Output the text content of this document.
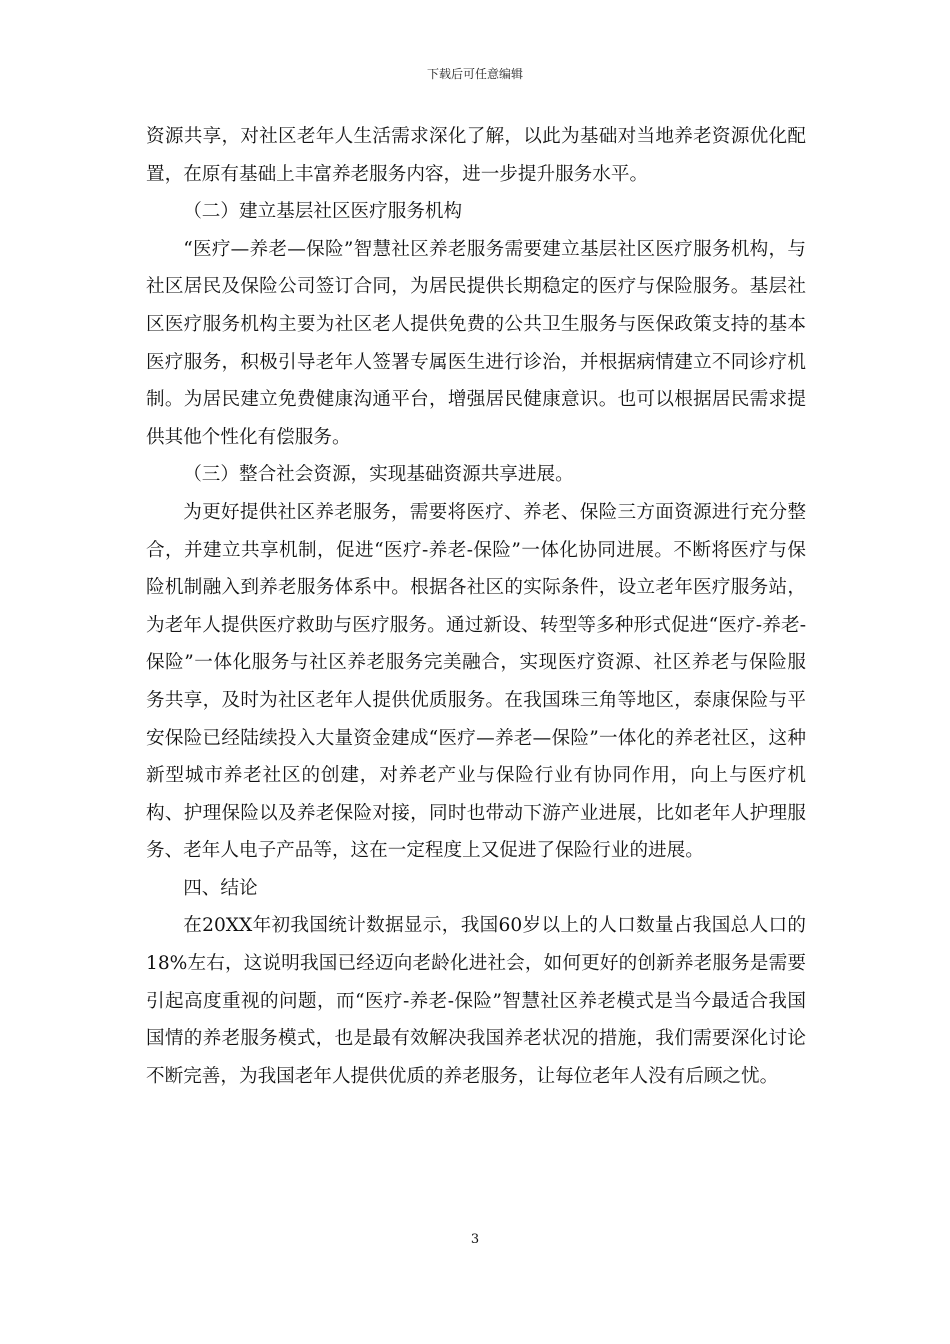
下载后可任意编辑

资源共享，对社区老年人生活需求深化了解，以此为基础对当地养老资源优化配置，在原有基础上丰富养老服务内容，进一步提升服务水平。

（二）建立基层社区医疗服务机构

“医疗—养老—保险”智慧社区养老服务需要建立基层社区医疗服务机构，与社区居民及保险公司签订合同，为居民提供长期稳定的医疗与保险服务。基层社区医疗服务机构主要为社区老人提供免费的公共卫生服务与医保政策支持的基本医疗服务，积极引导老年人签署专属医生进行诊治，并根据病情建立不同诊疗机制。为居民建立免费健康沟通平台，增强居民健康意识。也可以根据居民需求提供其他个性化有偿服务。

（三）整合社会资源，实现基础资源共享进展。

为更好提供社区养老服务，需要将医疗、养老、保险三方面资源进行充分整合，并建立共享机制，促进“医疗-养老-保险”一体化协同进展。不断将医疗与保险机制融入到养老服务体系中。根据各社区的实际条件，设立老年医疗服务站，为老年人提供医疗救助与医疗服务。通过新设、转型等多种形式促进“医疗-养老-保险”一体化服务与社区养老服务完美融合，实现医疗资源、社区养老与保险服务共享，及时为社区老年人提供优质服务。在我国珠三角等地区，泰康保险与平安保险已经陆续投入大量资金建成“医疗—养老—保险”一体化的养老社区，这种新型城市养老社区的创建，对养老产业与保险行业有协同作用，向上与医疗机构、护理保险以及养老保险对接，同时也带动下游产业进展，比如老年人护理服务、老年人电子产品等，这在一定程度上又促进了保险行业的进展。

四、结论

在20XX年初我国统计数据显示，我国60岁以上的人口数量占我国总人口的18%左右，这说明我国已经迈向老龄化进社会，如何更好的创新养老服务是需要引起高度重视的问题，而“医疗-养老-保险”智慧社区养老模式是当今最适合我国国情的养老服务模式，也是最有效解决我国养老状况的措施，我们需要深化讨论不断完善，为我国老年人提供优质的养老服务，让每位老年人没有后顾之忧。

3
